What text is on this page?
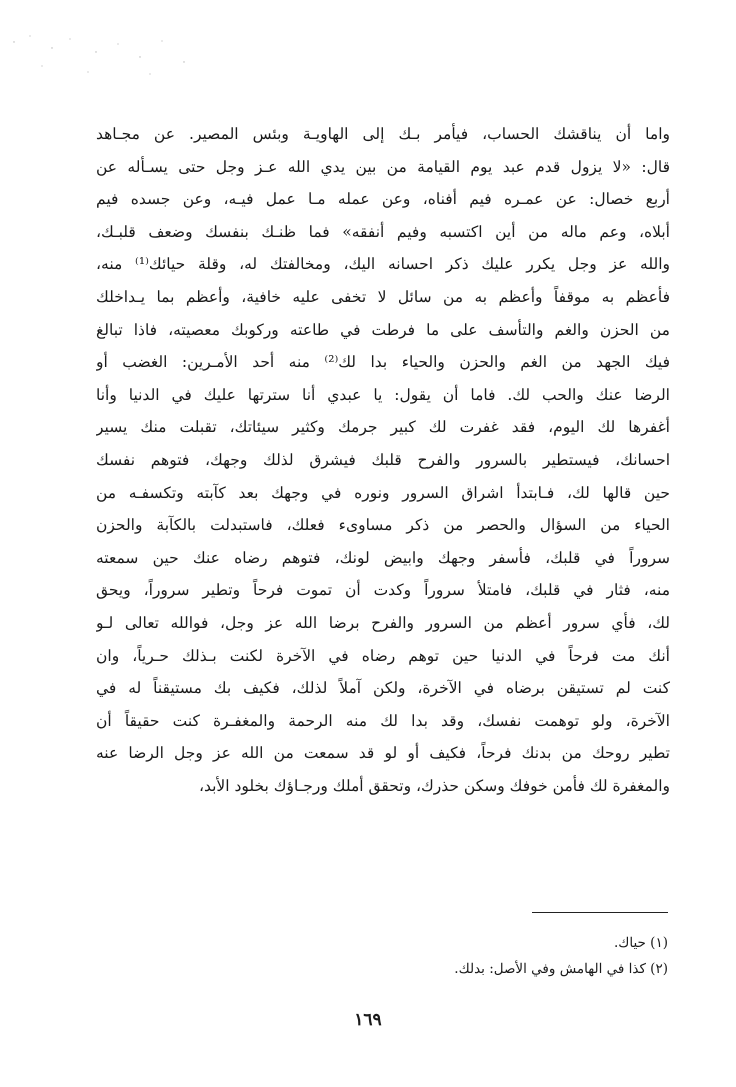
واما أن يناقشك الحساب، فيأمر بـك إلى الهاويـة وبئس المصير. عن مجـاهد
قال: «لا يزول قدم عبد يوم القيامة من بين يدي الله عـز وجل حتى يسـأله عن
أربع خصال: عن عمـره فيم أفناه، وعن عمله مـا عمل فيـه، وعن جسده فيم
أبلاه، وعم ماله من أين اكتسبه وفيم أنفقه» فما ظنـك بنفسك وضعف قلبـك،
والله عز وجل يكرر عليك ذكر احسانه اليك، ومخالفتك له، وقلة حيائك⁽¹⁾ منه،
فأعظم به موقفاً وأعظم به من سائل لا تخفى عليه خافية، وأعظم بما يـداخلك
من الحزن والغم والتأسف على ما فرطت في طاعته وركوبك معصيته، فاذا تبالغ
فيك الجهد من الغم والحزن والحياء بدا لك⁽²⁾ منه أحد الأمـرين: الغضب أو
الرضا عنك والحب لك. فاما أن يقول: يا عبدي أنا سترتها عليك في الدنيا وأنا
أغفرها لك اليوم، فقد غفرت لك كبير جرمك وكثير سيئاتك، تقبلت منك يسير
احسانك، فيستطير بالسرور والفرح قلبك فيشرق لذلك وجهك، فتوهم نفسك
حين قالها لك، فـابتدأ اشراق السرور ونوره في وجهك بعد كآبته وتكسفـه من
الحياء من السؤال والحصر من ذكر مساوىء فعلك، فاستبدلت بالكآبة والحزن
سروراً في قلبك، فأسفر وجهك وابيض لونك، فتوهم رضاه عنك حين سمعته
منه، فثار في قلبك، فامتلأ سروراً وكدت أن تموت فرحاً وتطير سروراً، ويحق
لك، فأي سرور أعظم من السرور والفرح برضا الله عز وجل، فوالله تعالى لـو
أنك مت فرحاً في الدنيا حين توهم رضاه في الآخرة لكنت بـذلك حـرياً، وان
كنت لم تستيقن برضاه في الآخرة، ولكن آملاً لذلك، فكيف بك مستيقناً له في
الآخرة، ولو توهمت نفسك، وقد بدا لك منه الرحمة والمغفـرة كنت حقيقاً أن
تطير روحك من بدنك فرحاً، فكيف أو لو قد سمعت من الله عز وجل الرضا عنه
والمغفرة لك فأمن خوفك وسكن حذرك، وتحقق أملك ورجـاؤك بخلود الأبد،
(١) حياك.
(٢) كذا في الهامش وفي الأصل: بدلك.
١٦٩
